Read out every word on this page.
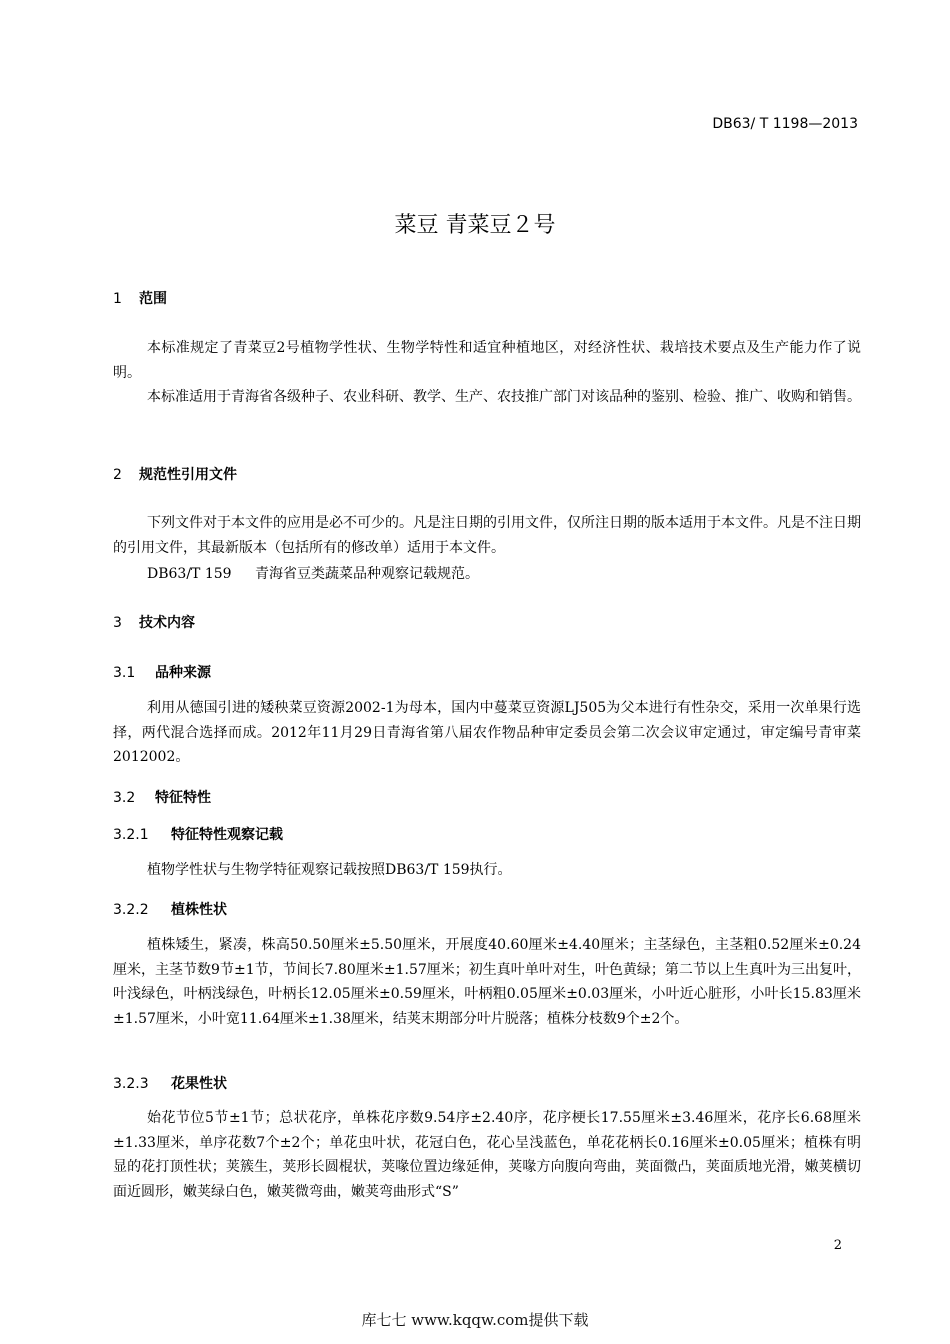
DB63/ T 1198—2013
菜豆 青菜豆２号
1 范围

本标准规定了青菜豆2号植物学性状、生物学特性和适宜种植地区，对经济性状、栽培技术要点及生产能力作了说明。

本标准适用于青海省各级种子、农业科研、教学、生产、农技推广部门对该品种的鉴别、检验、推广、收购和销售。

2 规范性引用文件

下列文件对于本文件的应用是必不可少的。凡是注日期的引用文件，仅所注日期的版本适用于本文件。凡是不注日期的引用文件，其最新版本（包括所有的修改单）适用于本文件。

DB63/T 159 青海省豆类蔬菜品种观察记载规范。
3 技术内容
3.1 品种来源

利用从德国引进的矮秧菜豆资源2002-1为母本，国内中蔓菜豆资源LJ505为父本进行有性杂交，采用一次单果行选择，两代混合选择而成。2012年11月29日青海省第八届农作物品种审定委员会第二次会议审定通过，审定编号青审菜2012002。

3.2 特征特性
3.2.1 特征特性观察记载

植物学性状与生物学特征观察记载按照DB63/T 159执行。

3.2.2 植株性状

植株矮生，紧凑，株高50.50厘米±5.50厘米，开展度40.60厘米±4.40厘米；主茎绿色，主茎粗0.52厘米±0.24厘米，主茎节数9节±1节，节间长7.80厘米±1.57厘米；初生真叶单叶对生，叶色黄绿；第二节以上生真叶为三出复叶，叶浅绿色，叶柄浅绿色，叶柄长12.05厘米±0.59厘米，叶柄粗0.05厘米±0.03厘米，小叶近心脏形，小叶长15.83厘米±1.57厘米，小叶宽11.64厘米±1.38厘米，结荚末期部分叶片脱落；植株分枝数9个±2个。

3.2.3 花果性状

始花节位5节±1节；总状花序，单株花序数9.54序±2.40序，花序梗长17.55厘米±3.46厘米，花序长6.68厘米±1.33厘米，单序花数7个±2个；单花虫叶状，花冠白色，花心呈浅蓝色，单花花柄长0.16厘米±0.05厘米；植株有明显的花打顶性状；荚簇生，荚形长圆棍状，荚喙位置边缘延伸，荚喙方向腹向弯曲，荚面微凸，荚面质地光滑，嫩荚横切面近圆形，嫩荚绿白色，嫩荚微弯曲，嫩荚弯曲形式“S”

2
库七七 www.kqqw.com提供下载
